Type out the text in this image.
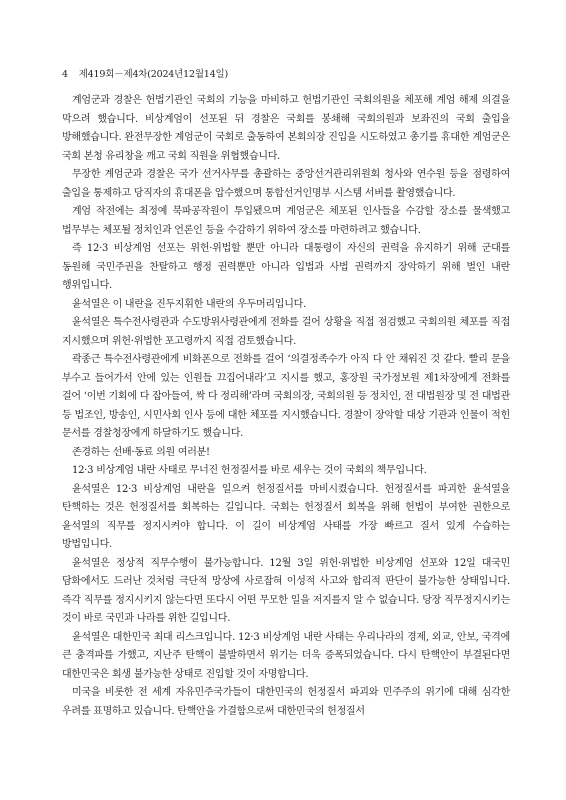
4 제419회－제4차(2024년12월14일)

계엄군과 경찰은 헌법기관인 국회의 기능을 마비하고 헌법기관인 국회의원을 체포해 계엄 해제 의결을 막으려 했습니다. 비상계엄이 선포된 뒤 경찰은 국회를 봉쇄해 국회의원과 보좌진의 국회 출입을 방해했습니다. 완전무장한 계엄군이 국회로 출동하여 본회의장 진입을 시도하였고 총기를 휴대한 계엄군은 국회 본청 유리창을 깨고 국회 직원을 위협했습니다.

무장한 계엄군과 경찰은 국가 선거사무를 총괄하는 중앙선거관리위원회 청사와 연수원 등을 점령하여 출입을 통제하고 당직자의 휴대폰을 압수했으며 통합선거인명부 시스템 서버를 촬영했습니다.

계엄 작전에는 최정예 북파공작원이 투입됐으며 계엄군은 체포된 인사들을 수감할 장소를 물색했고 법무부는 체포될 정치인과 언론인 등을 수감하기 위하여 장소를 마련하려고 했습니다.

즉 12·3 비상계엄 선포는 위헌·위법할 뿐만 아니라 대통령이 자신의 권력을 유지하기 위해 군대를 동원해 국민주권을 찬탈하고 행정 권력뿐만 아니라 입법과 사법 권력까지 장악하기 위해 벌인 내란 행위입니다.

윤석열은 이 내란을 진두지휘한 내란의 우두머리입니다.

윤석열은 특수전사령관과 수도방위사령관에게 전화를 걸어 상황을 직접 점검했고 국회의원 체포를 직접 지시했으며 위헌·위법한 포고령까지 직접 검토했습니다.

곽종근 특수전사령관에게 비화폰으로 전화를 걸어 ‘의결정족수가 아직 다 안 채워진 것 같다. 빨리 문을 부수고 들어가서 안에 있는 인원들 끄집어내라’고 지시를 했고, 홍장원 국가정보원 제1차장에게 전화를 걸어 ‘이번 기회에 다 잡아들여, 싹 다 정리해’라며 국회의장, 국회의원 등 정치인, 전 대법원장 및 전 대법관 등 법조인, 방송인, 시민사회 인사 등에 대한 체포를 지시했습니다. 경찰이 장악할 대상 기관과 인물이 적힌 문서를 경찰청장에게 하달하기도 했습니다.

존경하는 선배·동료 의원 여러분!

12·3 비상계엄 내란 사태로 무너진 헌정질서를 바로 세우는 것이 국회의 책무입니다.

윤석열은 12·3 비상계엄 내란을 일으켜 헌정질서를 마비시켰습니다. 헌정질서를 파괴한 윤석열을 탄핵하는 것은 헌정질서를 회복하는 길입니다. 국회는 헌정질서 회복을 위해 헌법이 부여한 권한으로 윤석열의 직무를 정지시켜야 합니다. 이 길이 비상계엄 사태를 가장 빠르고 질서 있게 수습하는 방법입니다.

윤석열은 정상적 직무수행이 불가능합니다. 12월 3일 위헌·위법한 비상계엄 선포와 12일 대국민 담화에서도 드러난 것처럼 극단적 망상에 사로잡혀 이성적 사고와 합리적 판단이 불가능한 상태입니다. 즉각 직무를 정지시키지 않는다면 또다시 어떤 무모한 일을 저지를지 알 수 없습니다. 당장 직무정지시키는 것이 바로 국민과 나라를 위한 길입니다.

윤석열은 대한민국 최대 리스크입니다. 12·3 비상계엄 내란 사태는 우리나라의 경제, 외교, 안보, 국격에 큰 충격파를 가했고, 지난주 탄핵이 불발하면서 위기는 더욱 증폭되었습니다. 다시 탄핵안이 부결된다면 대한민국은 회생 불가능한 상태로 진입할 것이 자명합니다.

미국을 비롯한 전 세계 자유민주국가들이 대한민국의 헌정질서 파괴와 민주주의 위기에 대해 심각한 우려를 표명하고 있습니다. 탄핵안을 가결함으로써 대한민국의 헌정질서
